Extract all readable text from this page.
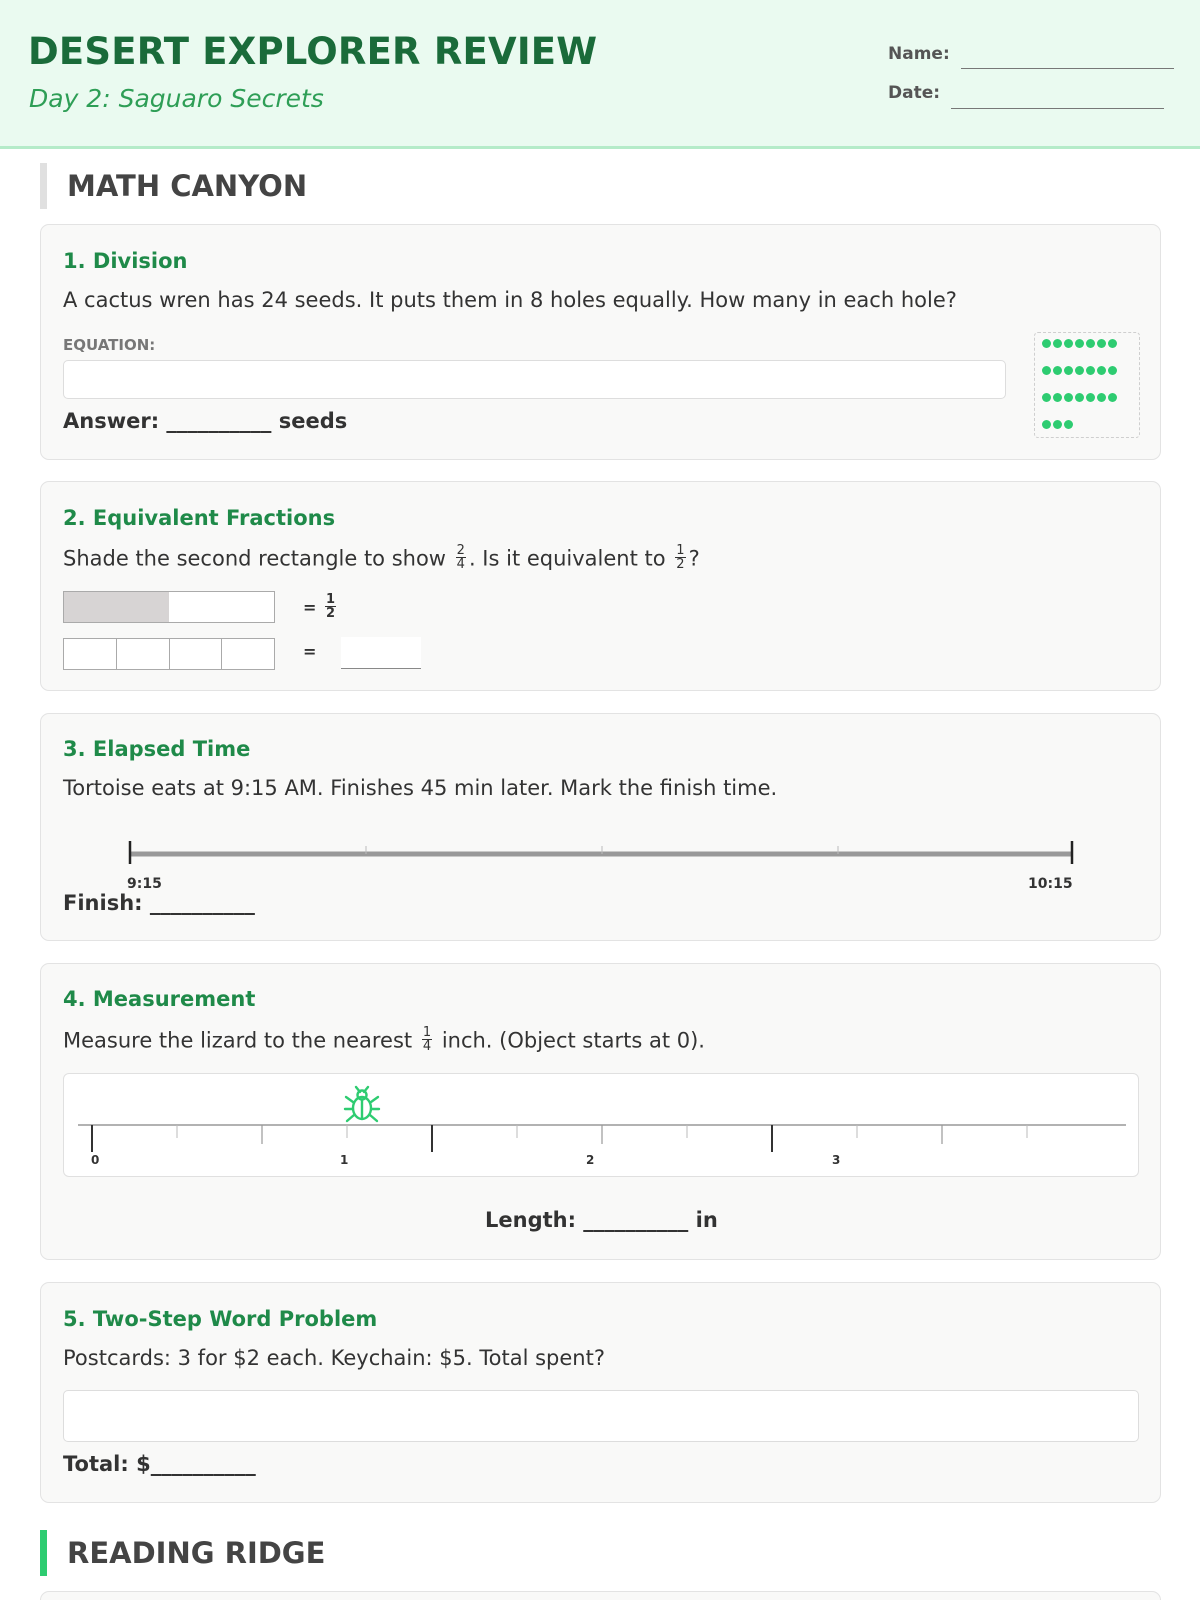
DESERT EXPLORER REVIEW
Day 2: Saguaro Secrets
Name:
Date:
MATH CANYON
1. Division
A cactus wren has 24 seeds. It puts them in 8 holes equally. How many in each hole?
EQUATION:
Answer: __________ seeds

2. Equivalent Fractions
Shade the second rectangle to show $\frac{2}{4}$ . Is it equivalent to $\frac{1}{2}$ ?
= $\frac{1}{2}$
=
3. Elapsed Time
Tortoise eats at 9:15 AM. Finishes 45 min later. Mark the finish time.
9:15	10:15
Finish: __________
4. Measurement
Measure the lizard to the nearest $\frac{1}{4}$ inch. (Object starts at 0).
0	1	2	3
Length: __________ in
5. Two-Step Word Problem
Postcards: 3 for $2 each. Keychain: $5. Total spent?
Total: $__________
READING RIDGE
